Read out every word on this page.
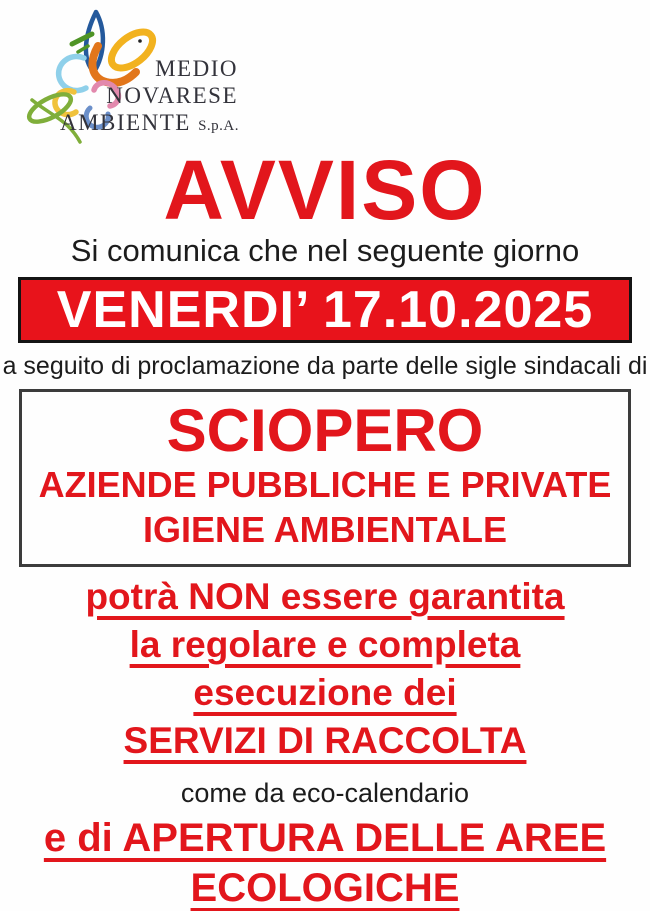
MEDIO
NOVARESE
AMBIENTE S.p.A.
AVVISO

Si comunica che nel seguente giorno

VENERDI’ 17.10.2025

a seguito di proclamazione da parte delle sigle sindacali di

SCIOPERO
AZIENDE PUBBLICHE E PRIVATE
IGIENE AMBIENTALE
potrà NON essere garantita
la regolare e completa
esecuzione dei
SERVIZI DI RACCOLTA

come da eco-calendario

e di APERTURA DELLE AREE
ECOLOGICHE
